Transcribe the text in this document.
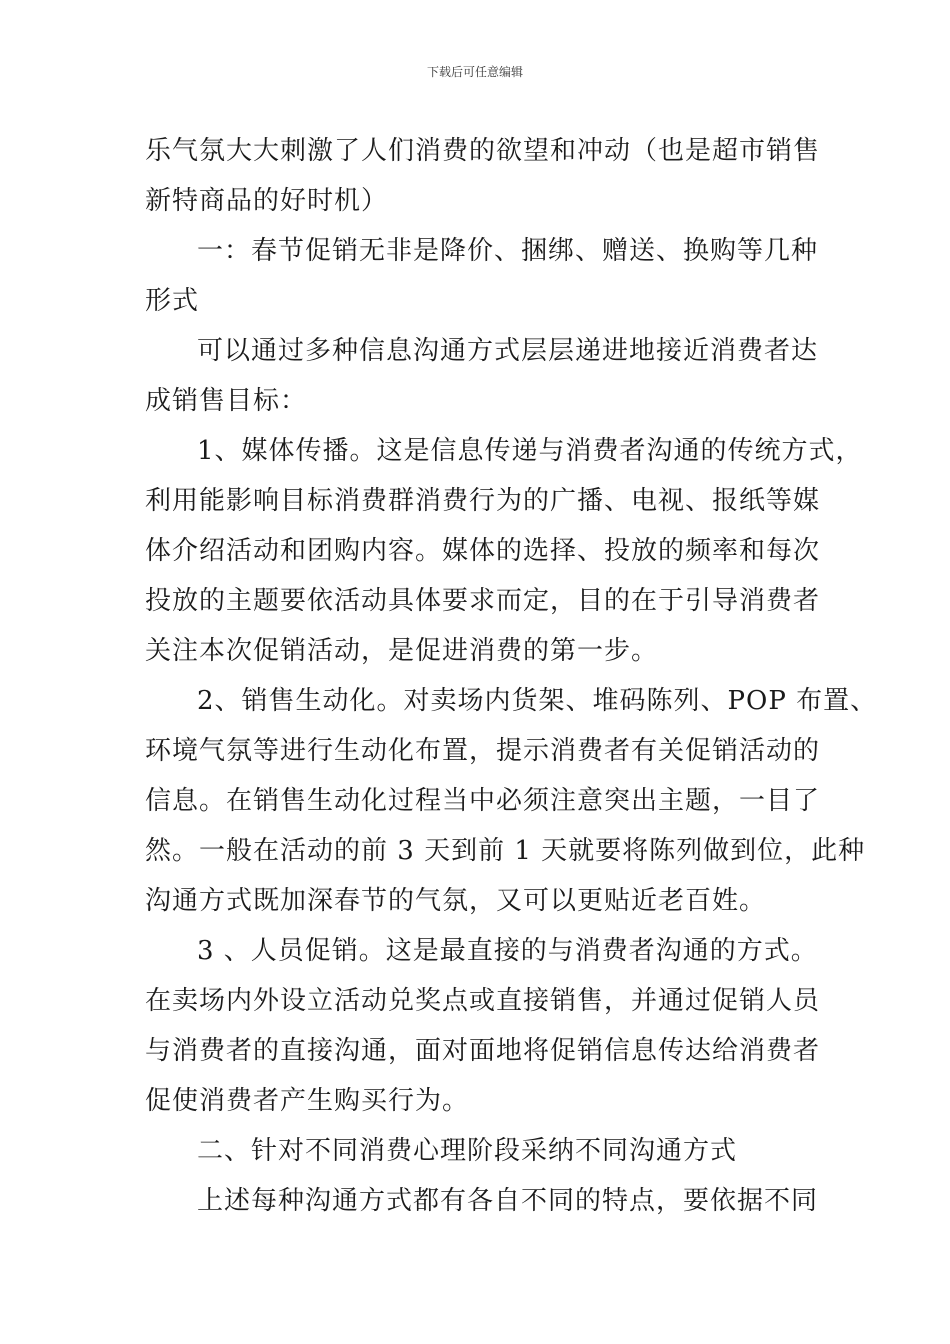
下载后可任意编辑

乐气氛大大刺激了人们消费的欲望和冲动（也是超市销售
新特商品的好时机）

一：春节促销无非是降价、捆绑、赠送、换购等几种
形式

可以通过多种信息沟通方式层层递进地接近消费者达
成销售目标：

1、媒体传播。这是信息传递与消费者沟通的传统方式，
利用能影响目标消费群消费行为的广播、电视、报纸等媒
体介绍活动和团购内容。媒体的选择、投放的频率和每次
投放的主题要依活动具体要求而定，目的在于引导消费者
关注本次促销活动，是促进消费的第一步。

2、销售生动化。对卖场内货架、堆码陈列、POP 布置、
环境气氛等进行生动化布置，提示消费者有关促销活动的
信息。在销售生动化过程当中必须注意突出主题，一目了
然。一般在活动的前 3 天到前 1 天就要将陈列做到位，此种
沟通方式既加深春节的气氛，又可以更贴近老百姓。

3 、人员促销。这是最直接的与消费者沟通的方式。
在卖场内外设立活动兑奖点或直接销售，并通过促销人员
与消费者的直接沟通，面对面地将促销信息传达给消费者
促使消费者产生购买行为。

二、针对不同消费心理阶段采纳不同沟通方式

上述每种沟通方式都有各自不同的特点，要依据不同
